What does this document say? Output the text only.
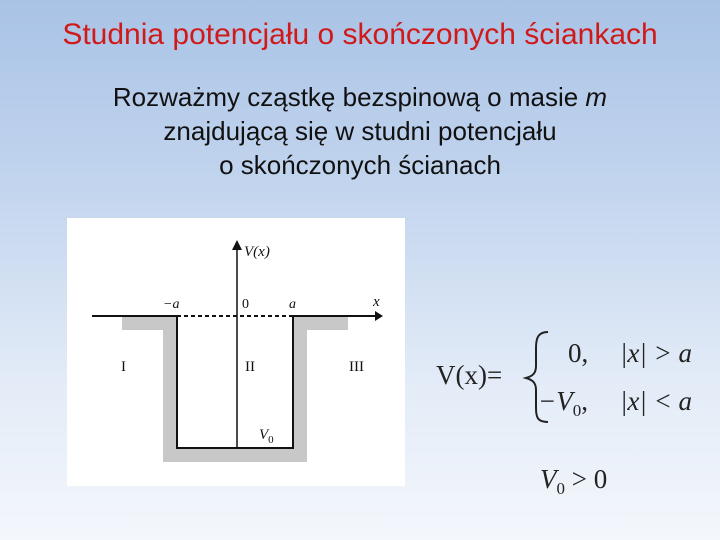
Studnia potencjału o skończonych ściankach
Rozważmy cząstkę bezspinową o masie m
znajdującą się w studni potencjału
o skończonych ścianach
V(x)
x
−a	0	a
I	II	III
$V_0$
V(x)=
0, |x| > a
$-V_0$, |x| < a
$V_0 > 0$
